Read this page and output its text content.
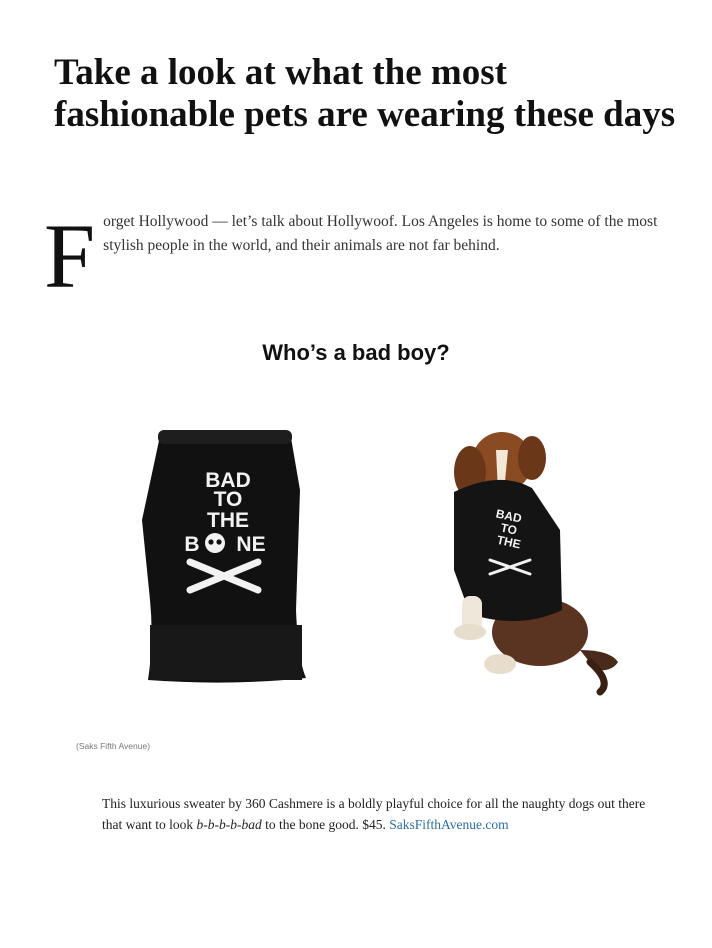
Take a look at what the most fashionable pets are wearing these days
F orget Hollywood — let’s talk about Hollywoof. Los Angeles is home to some of the most stylish people in the world, and their animals are not far behind.

Who’s a bad boy?
BAD
TO
THE
B NE
BAD
TO
THE
(Saks Fifth Avenue)

This luxurious sweater by 360 Cashmere is a boldly playful choice for all the naughty dogs out there that want to look b-b-b-b-bad to the bone good. $45. SaksFifthAvenue.com
